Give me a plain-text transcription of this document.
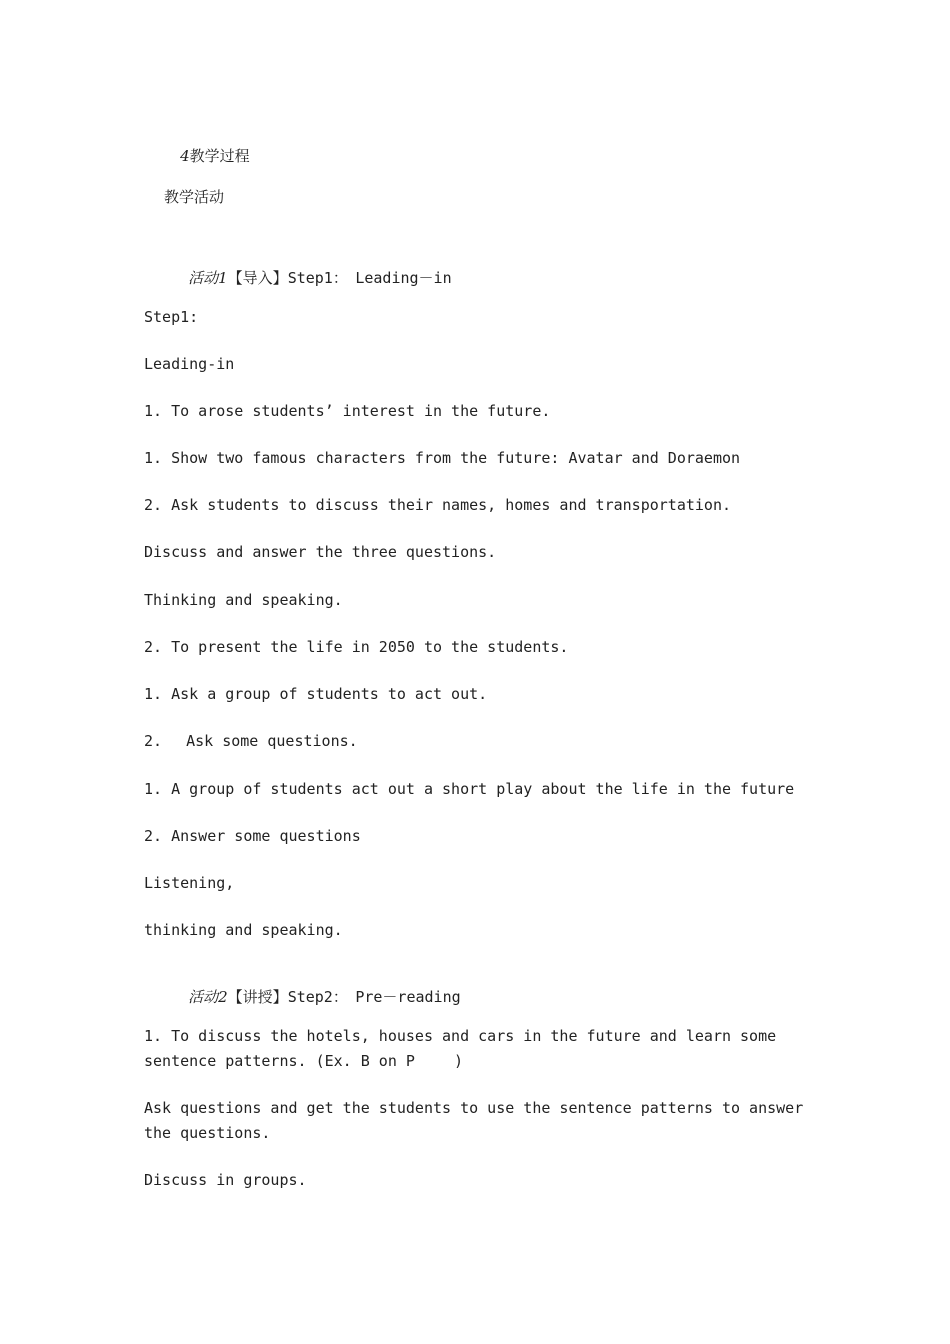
4教学过程

教学活动

活动1【导入】Step1：　Leading－in

Step1:
Leading-in
1. To arose students’ interest in the future.
1. Show two famous characters from the future: Avatar and Doraemon
2. Ask students to discuss their names, homes and transportation.
Discuss and answer the three questions.
Thinking and speaking.
2. To present the life in 2050 to the students.
1. Ask a group of students to act out.
2.　 Ask some questions.
1. A group of students act out a short play about the life in the future
2. Answer some questions
Listening,
thinking and speaking.

活动2【讲授】Step2：　Pre－reading

1. To discuss the hotels, houses and cars in the future and learn some sentence patterns. (Ex. B on P　　 )
Ask questions and get the students to use the sentence patterns to answer the questions.
Discuss in groups.
